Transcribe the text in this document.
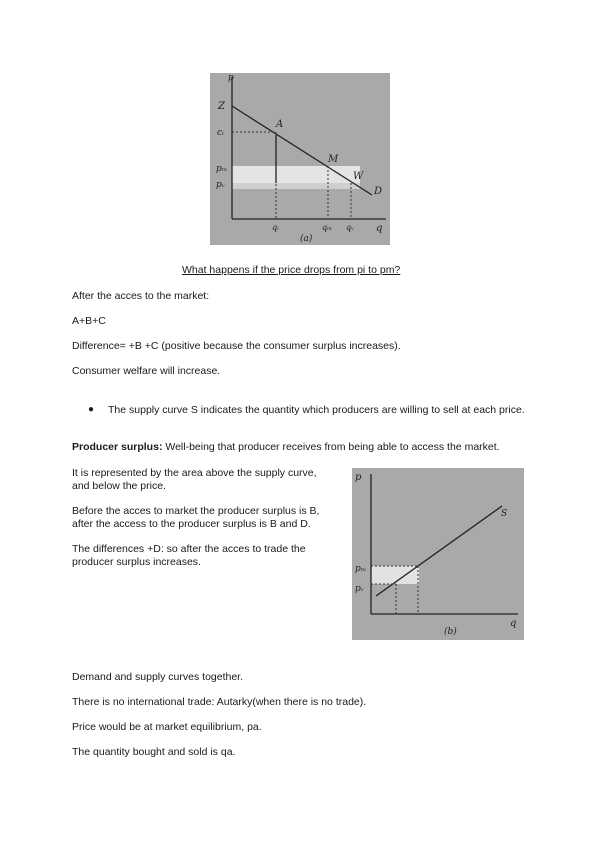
p
q
Z
cᵢ
pₘ
pᵥ
A
M
W
D
qᵢ	qₘ qᵥ
(a)
What happens if the price drops from pi to pm?
After the acces to the market:
A+B+C
Difference= +B +C (positive because the consumer surplus increases).
Consumer welfare will increase.
●	The supply curve S indicates the quantity which producers are willing to sell at each price.
Producer surplus: Well-being that producer receives from being able to access the market.
It is represented by the area above the supply curve,
and below the price.
Before the acces to market the producer surplus is B,
after the access to the producer surplus is B and D.
The differences +D: so after the acces to trade the
producer surplus increases.
p
q
S
pₘ
pᵥ
(b)
Demand and supply curves together.
There is no international trade: Autarky(when there is no trade).
Price would be at market equilibrium, pa.
The quantity bought and sold is qa.
